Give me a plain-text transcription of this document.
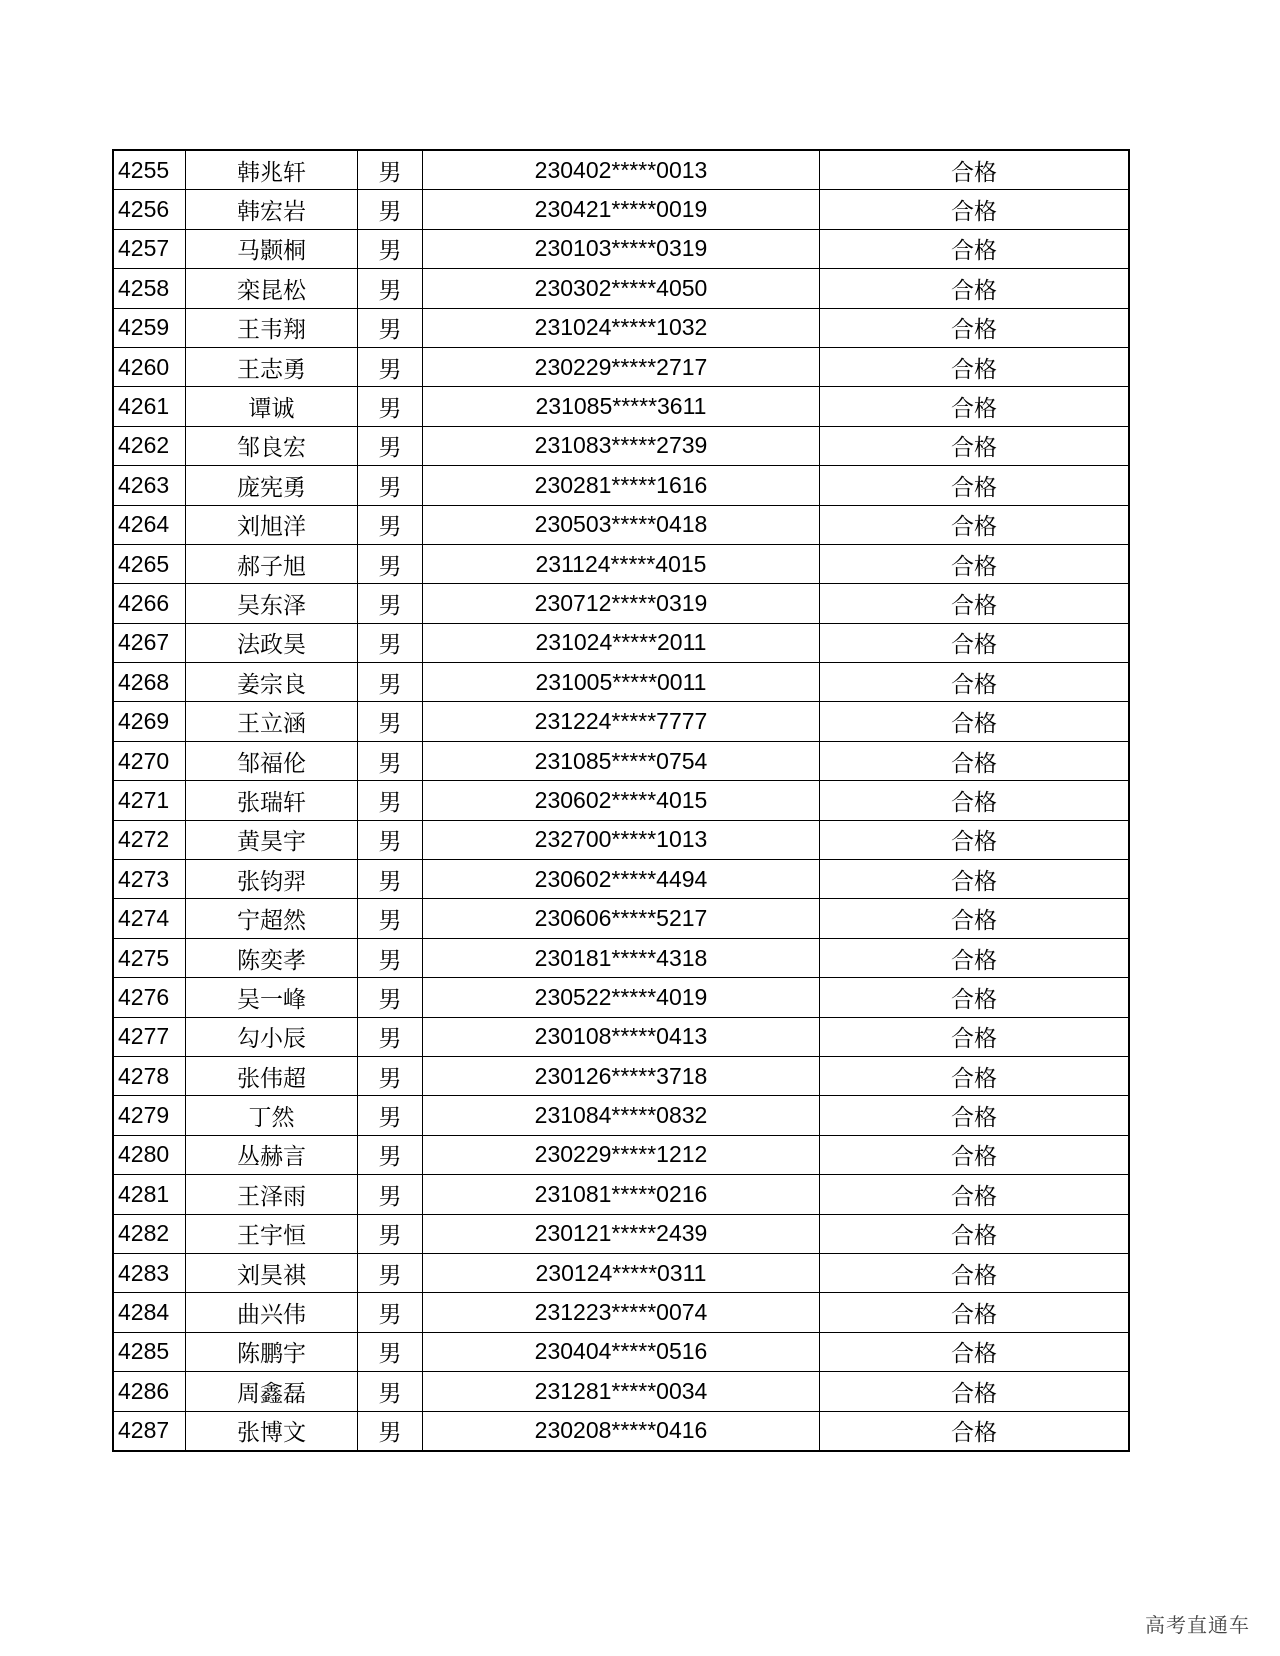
4255	韩兆轩	男	230402*****0013	合格
4256	韩宏岩	男	230421*****0019	合格
4257	马颢桐	男	230103*****0319	合格
4258	栾昆松	男	230302*****4050	合格
4259	王韦翔	男	231024*****1032	合格
4260	王志勇	男	230229*****2717	合格
4261	谭诚	男	231085*****3611	合格
4262	邹良宏	男	231083*****2739	合格
4263	庞宪勇	男	230281*****1616	合格
4264	刘旭洋	男	230503*****0418	合格
4265	郝子旭	男	231124*****4015	合格
4266	吴东泽	男	230712*****0319	合格
4267	法政昊	男	231024*****2011	合格
4268	姜宗良	男	231005*****0011	合格
4269	王立涵	男	231224*****7777	合格
4270	邹福伦	男	231085*****0754	合格
4271	张瑞轩	男	230602*****4015	合格
4272	黄昊宇	男	232700*****1013	合格
4273	张钧羿	男	230602*****4494	合格
4274	宁超然	男	230606*****5217	合格
4275	陈奕孝	男	230181*****4318	合格
4276	吴一峰	男	230522*****4019	合格
4277	勾小辰	男	230108*****0413	合格
4278	张伟超	男	230126*****3718	合格
4279	丁然	男	231084*****0832	合格
4280	丛赫言	男	230229*****1212	合格
4281	王泽雨	男	231081*****0216	合格
4282	王宇恒	男	230121*****2439	合格
4283	刘昊祺	男	230124*****0311	合格
4284	曲兴伟	男	231223*****0074	合格
4285	陈鹏宇	男	230404*****0516	合格
4286	周鑫磊	男	231281*****0034	合格
4287	张博文	男	230208*****0416	合格
高考直通车
